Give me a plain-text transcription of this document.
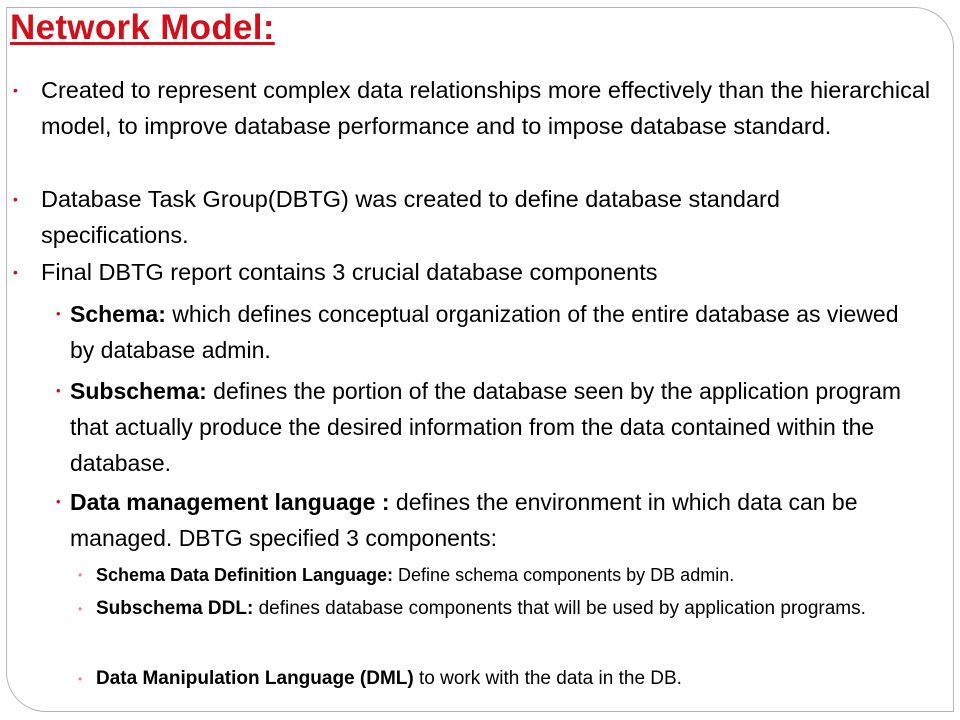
Network Model:
• Created to represent complex data relationships more effectively than the hierarchical model, to improve database performance and to impose database standard.
• Database Task Group(DBTG) was created to define database standard specifications.
• Final DBTG report contains 3 crucial database components
• Schema: which defines conceptual organization of the entire database as viewed by database admin.
• Subschema: defines the portion of the database seen by the application program that actually produce the desired information from the data contained within the database.
• Data management language : defines the environment in which data can be managed. DBTG specified 3 components:
• Schema Data Definition Language: Define schema components by DB admin.
• Subschema DDL: defines database components that will be used by application programs.
• Data Manipulation Language (DML) to work with the data in the DB.
